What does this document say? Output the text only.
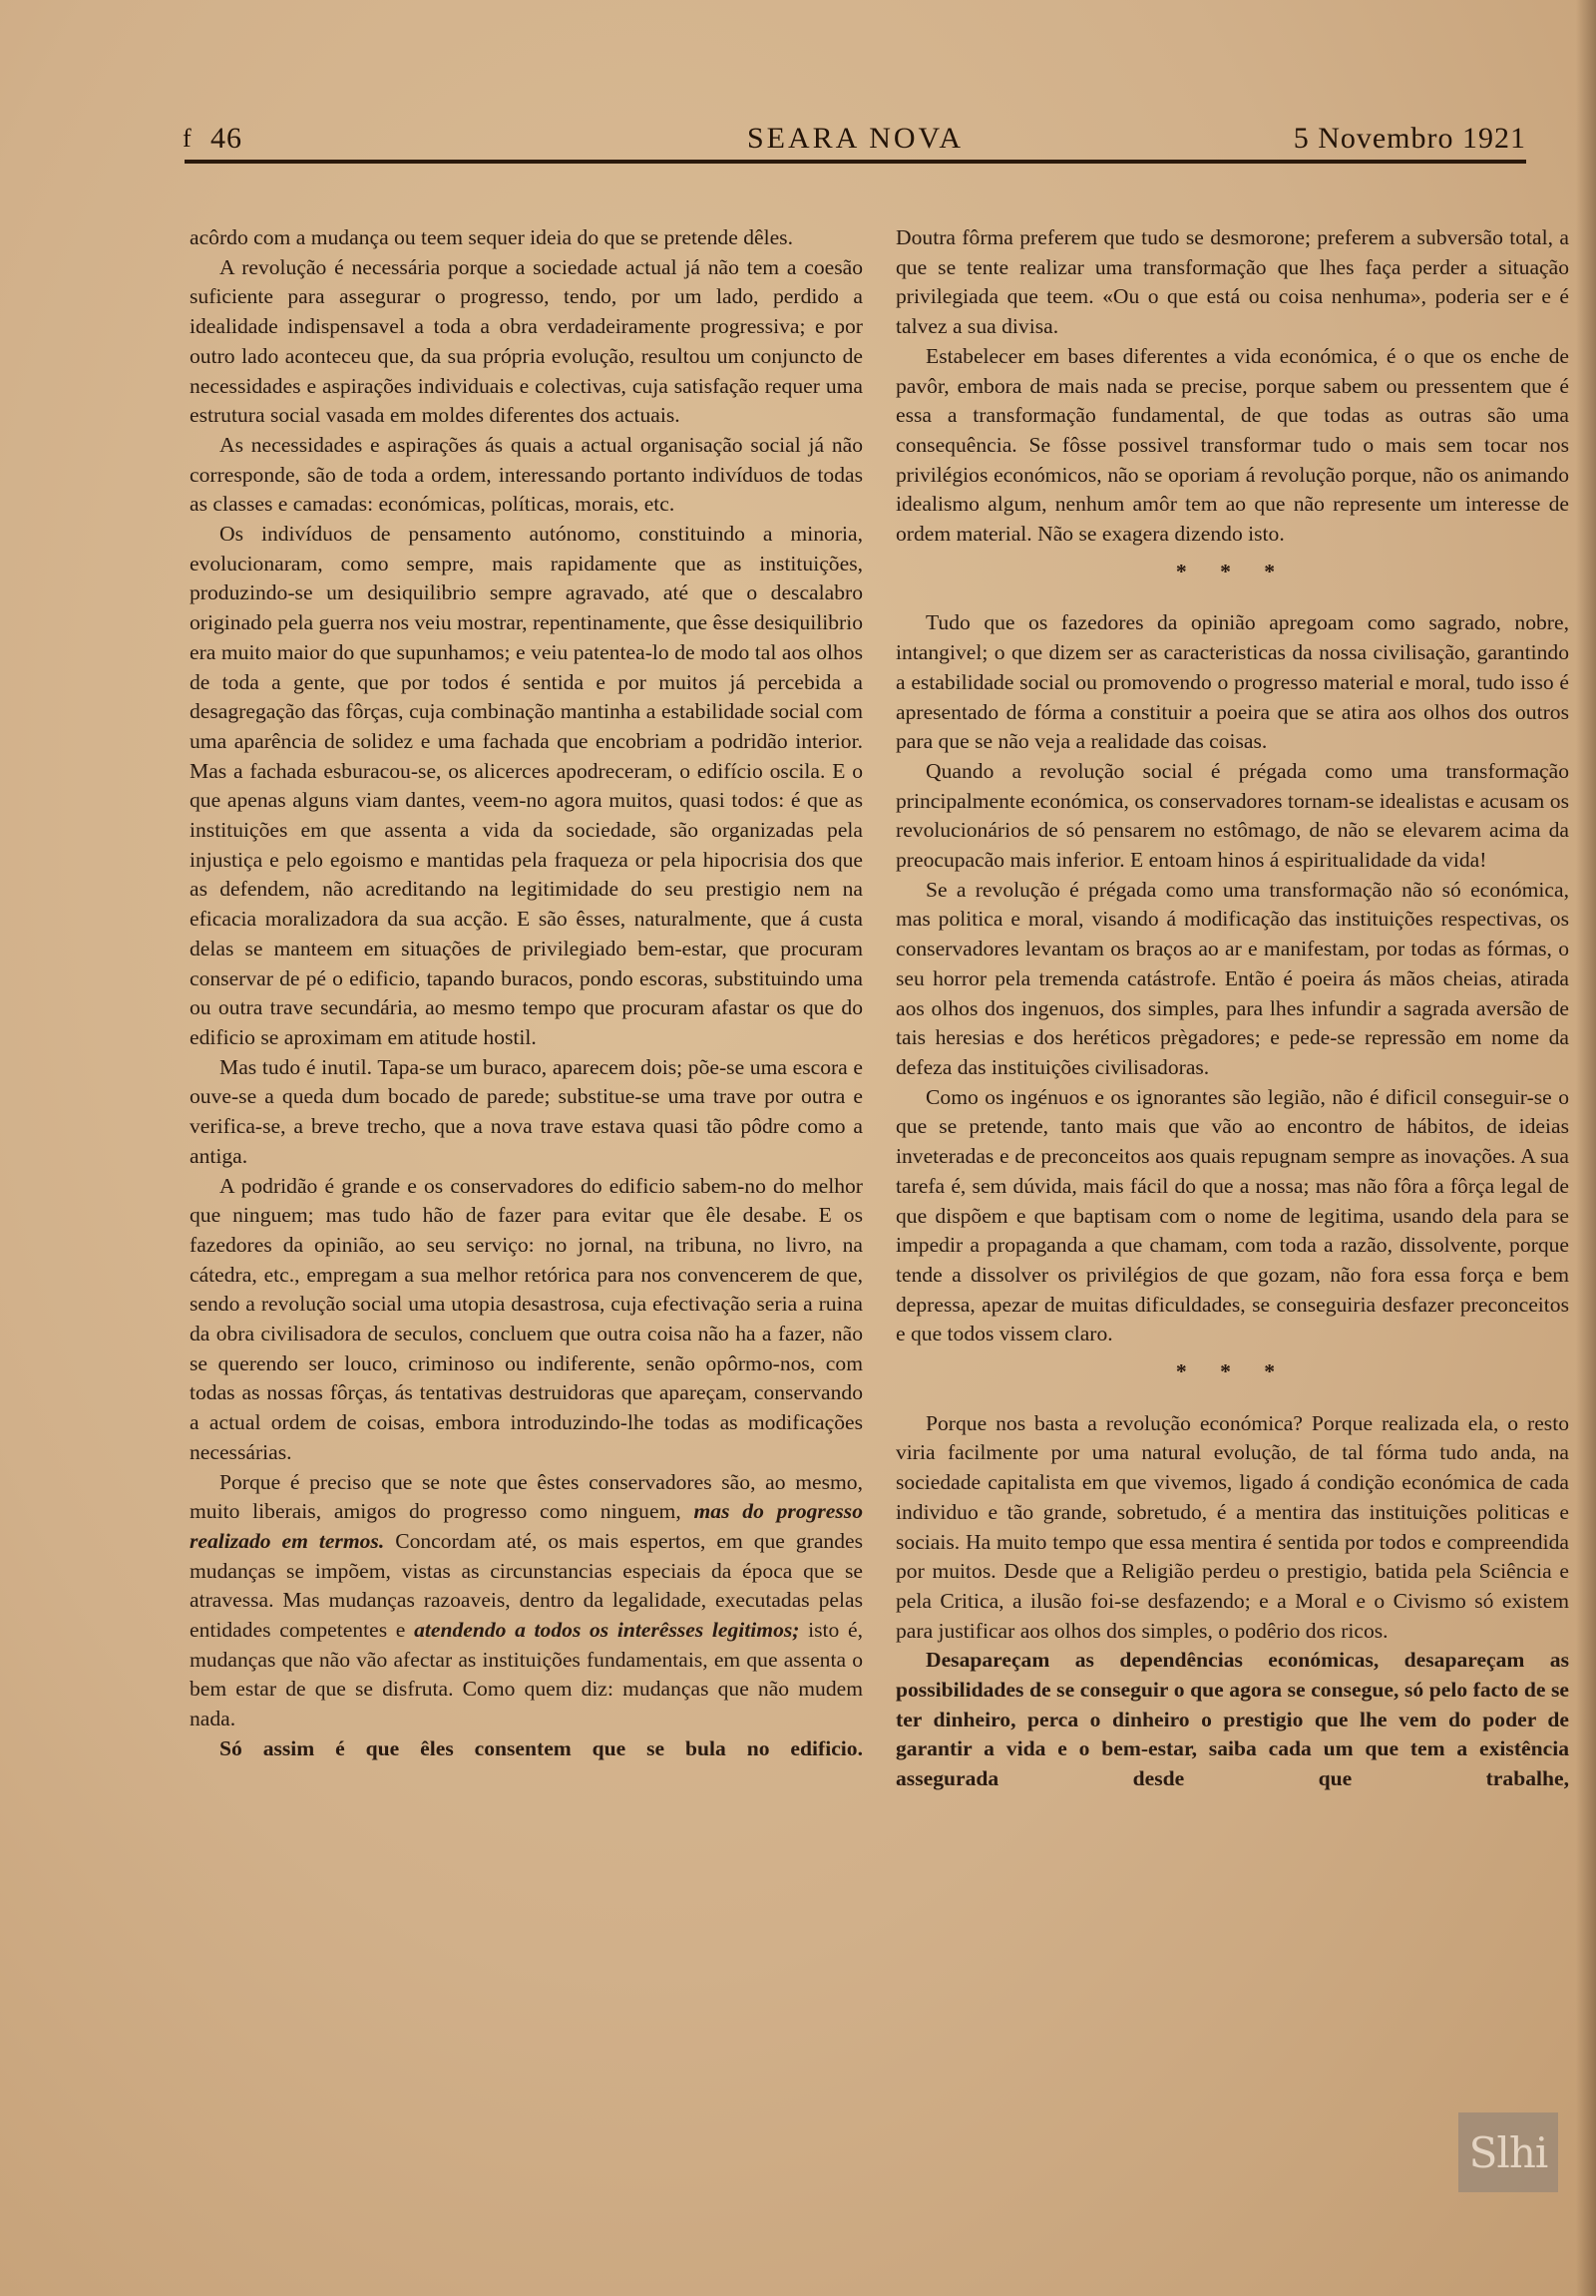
f 46	SEARA NOVA	5 Novembro 1921

acôrdo com a mudança ou teem sequer ideia do que se pretende dêles.

A revolução é necessária porque a sociedade actual já não tem a coesão suficiente para assegurar o progresso, tendo, por um lado, perdido a idealidade indispensavel a toda a obra verdadeiramente progressiva; e por outro lado aconteceu que, da sua própria evolução, resultou um conjuncto de necessidades e aspirações individuais e colectivas, cuja satisfação requer uma estrutura social vasada em moldes diferentes dos actuais.

As necessidades e aspirações ás quais a actual organisação social já não corresponde, são de toda a ordem, interessando portanto indivíduos de todas as classes e camadas: económicas, políticas, morais, etc.

Os indivíduos de pensamento autónomo, constituindo a minoria, evolucionaram, como sempre, mais rapidamente que as instituições, produzindo-se um desiquilibrio sempre agravado, até que o descalabro originado pela guerra nos veiu mostrar, repentinamente, que êsse desiquilibrio era muito maior do que supunhamos; e veiu patentea-lo de modo tal aos olhos de toda a gente, que por todos é sentida e por muitos já percebida a desagregação das fôrças, cuja combinação mantinha a estabilidade social com uma aparência de solidez e uma fachada que encobriam a podridão interior. Mas a fachada esburacou-se, os alicerces apodreceram, o edifício oscila. E o que apenas alguns viam dantes, veem-no agora muitos, quasi todos: é que as instituições em que assenta a vida da sociedade, são organizadas pela injustiça e pelo egoismo e mantidas pela fraqueza or pela hipocrisia dos que as defendem, não acreditando na legitimidade do seu prestigio nem na eficacia moralizadora da sua acção. E são êsses, naturalmente, que á custa delas se manteem em situações de privilegiado bem-estar, que procuram conservar de pé o edificio, tapando buracos, pondo escoras, substituindo uma ou outra trave secundária, ao mesmo tempo que procuram afastar os que do edificio se aproximam em atitude hostil.

Mas tudo é inutil. Tapa-se um buraco, aparecem dois; põe-se uma escora e ouve-se a queda dum bocado de parede; substitue-se uma trave por outra e verifica-se, a breve trecho, que a nova trave estava quasi tão pôdre como a antiga.

A podridão é grande e os conservadores do edificio sabem-no do melhor que ninguem; mas tudo hão de fazer para evitar que êle desabe. E os fazedores da opinião, ao seu serviço: no jornal, na tribuna, no livro, na cátedra, etc., empregam a sua melhor retórica para nos convencerem de que, sendo a revolução social uma utopia desastrosa, cuja efectivação seria a ruina da obra civilisadora de seculos, concluem que outra coisa não ha a fazer, não se querendo ser louco, criminoso ou indiferente, senão opôrmo-nos, com todas as nossas fôrças, ás tentativas destruidoras que apareçam, conservando a actual ordem de coisas, embora introduzindo-lhe todas as modificações necessárias.

Porque é preciso que se note que êstes conservadores são, ao mesmo, muito liberais, amigos do progresso como ninguem, mas do progresso realizado em termos. Concordam até, os mais espertos, em que grandes mudanças se impõem, vistas as circunstancias especiais da época que se atravessa. Mas mudanças razoaveis, dentro da legalidade, executadas pelas entidades competentes e atendendo a todos os interêsses legitimos; isto é, mudanças que não vão afectar as instituições fundamentais, em que assenta o bem estar de que se disfruta. Como quem diz: mudanças que não mudem nada.

Só assim é que êles consentem que se bula no edificio.

Doutra fôrma preferem que tudo se desmorone; preferem a subversão total, a que se tente realizar uma transformação que lhes faça perder a situação privilegiada que teem. «Ou o que está ou coisa nenhuma», poderia ser e é talvez a sua divisa.

Estabelecer em bases diferentes a vida económica, é o que os enche de pavôr, embora de mais nada se precise, porque sabem ou pressentem que é essa a transformação fundamental, de que todas as outras são uma consequência. Se fôsse possivel transformar tudo o mais sem tocar nos privilégios económicos, não se oporiam á revolução porque, não os animando idealismo algum, nenhum amôr tem ao que não represente um interesse de ordem material. Não se exagera dizendo isto.

* * *

Tudo que os fazedores da opinião apregoam como sagrado, nobre, intangivel; o que dizem ser as caracteristicas da nossa civilisação, garantindo a estabilidade social ou promovendo o progresso material e moral, tudo isso é apresentado de fórma a constituir a poeira que se atira aos olhos dos outros para que se não veja a realidade das coisas.

Quando a revolução social é prégada como uma transformação principalmente económica, os conservadores tornam-se idealistas e acusam os revolucionários de só pensarem no estômago, de não se elevarem acima da preocupacão mais inferior. E entoam hinos á espiritualidade da vida!

Se a revolução é prégada como uma transformação não só económica, mas politica e moral, visando á modificação das instituições respectivas, os conservadores levantam os braços ao ar e manifestam, por todas as fórmas, o seu horror pela tremenda catástrofe. Então é poeira ás mãos cheias, atirada aos olhos dos ingenuos, dos simples, para lhes infundir a sagrada aversão de tais heresias e dos heréticos prègadores; e pede-se repressão em nome da defeza das instituições civilisadoras.

Como os ingénuos e os ignorantes são legião, não é dificil conseguir-se o que se pretende, tanto mais que vão ao encontro de hábitos, de ideias inveteradas e de preconceitos aos quais repugnam sempre as inovações. A sua tarefa é, sem dúvida, mais fácil do que a nossa; mas não fôra a fôrça legal de que dispõem e que baptisam com o nome de legitima, usando dela para se impedir a propaganda a que chamam, com toda a razão, dissolvente, porque tende a dissolver os privilégios de que gozam, não fora essa força e bem depressa, apezar de muitas dificuldades, se conseguiria desfazer preconceitos e que todos vissem claro.

* * *

Porque nos basta a revolução económica? Porque realizada ela, o resto viria facilmente por uma natural evolução, de tal fórma tudo anda, na sociedade capitalista em que vivemos, ligado á condição económica de cada individuo e tão grande, sobretudo, é a mentira das instituições politicas e sociais. Ha muito tempo que essa mentira é sentida por todos e compreendida por muitos. Desde que a Religião perdeu o prestigio, batida pela Sciência e pela Critica, a ilusão foi-se desfazendo; e a Moral e o Civismo só existem para justificar aos olhos dos simples, o podêrio dos ricos.

Desapareçam as dependências económicas, desapareçam as possibilidades de se conseguir o que agora se consegue, só pelo facto de se ter dinheiro, perca o dinheiro o prestigio que lhe vem do poder de garantir a vida e o bem-estar, saiba cada um que tem a existência assegurada desde que trabalhe,

Slhi
